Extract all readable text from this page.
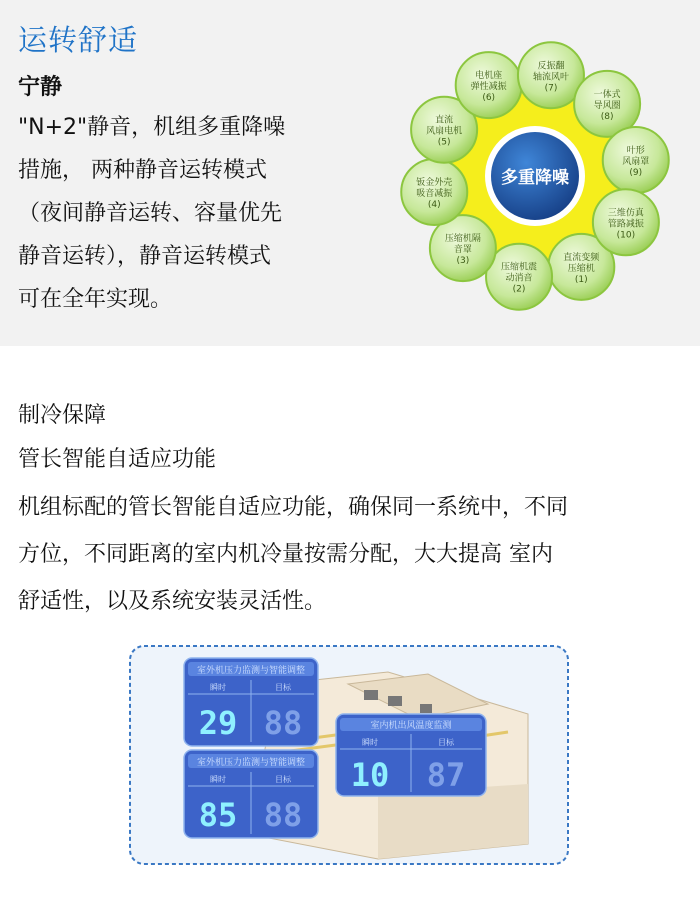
运转舒适
宁静
"N+2"静音，机组多重降噪
措施， 两种静音运转模式
（夜间静音运转、容量优先
静音运转），静音运转模式
可在全年实现。
直流变频
压缩机
(1)
压缩机震
动消音
(2)
压缩机隔
音罩
(3)
钣金外壳
吸音减振
(4)
直流
风扇电机
(5)
电机座
弹性减振
(6)
反振翻
轴流风叶
(7)
一体式
导风圈
(8)
叶形
风扇罩
(9)
三维仿真
管路减振
(10)
多重降噪
制冷保障
管长智能自适应功能
机组标配的管长智能自适应功能，确保同一系统中，不同
方位，不同距离的室内机冷量按需分配，大大提高 室内
舒适性，以及系统安装灵活性。
室外机压力监测与智能调整
瞬时	目标
29 88
室外机压力监测与智能调整
瞬时	目标
85 88
室内机出风温度监测
瞬时	目标
10 87
